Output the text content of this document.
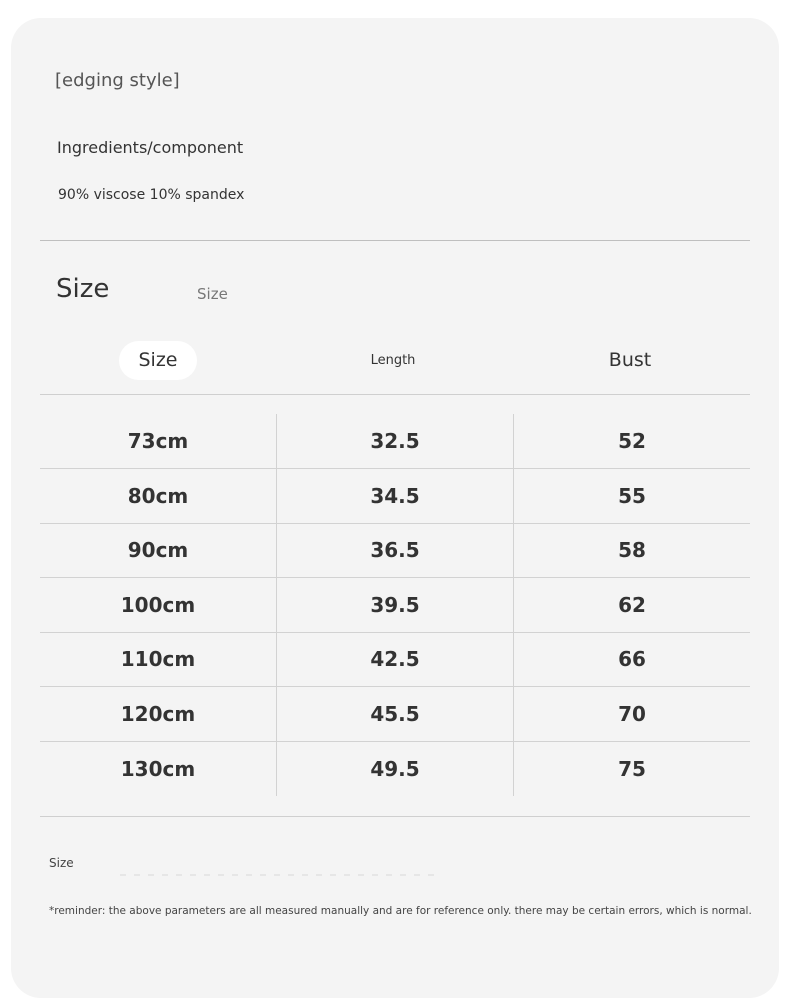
[edging style]
Ingredients/component
90% viscose 10% spandex
Size	Size
Size	Length	Bust
73cm	32.5	52
80cm	34.5	55
90cm	36.5	58
100cm	39.5	62
110cm	42.5	66
120cm	45.5	70
130cm	49.5	75
Size
*reminder: the above parameters are all measured manually and are for reference only. there may be certain errors, which is normal.
